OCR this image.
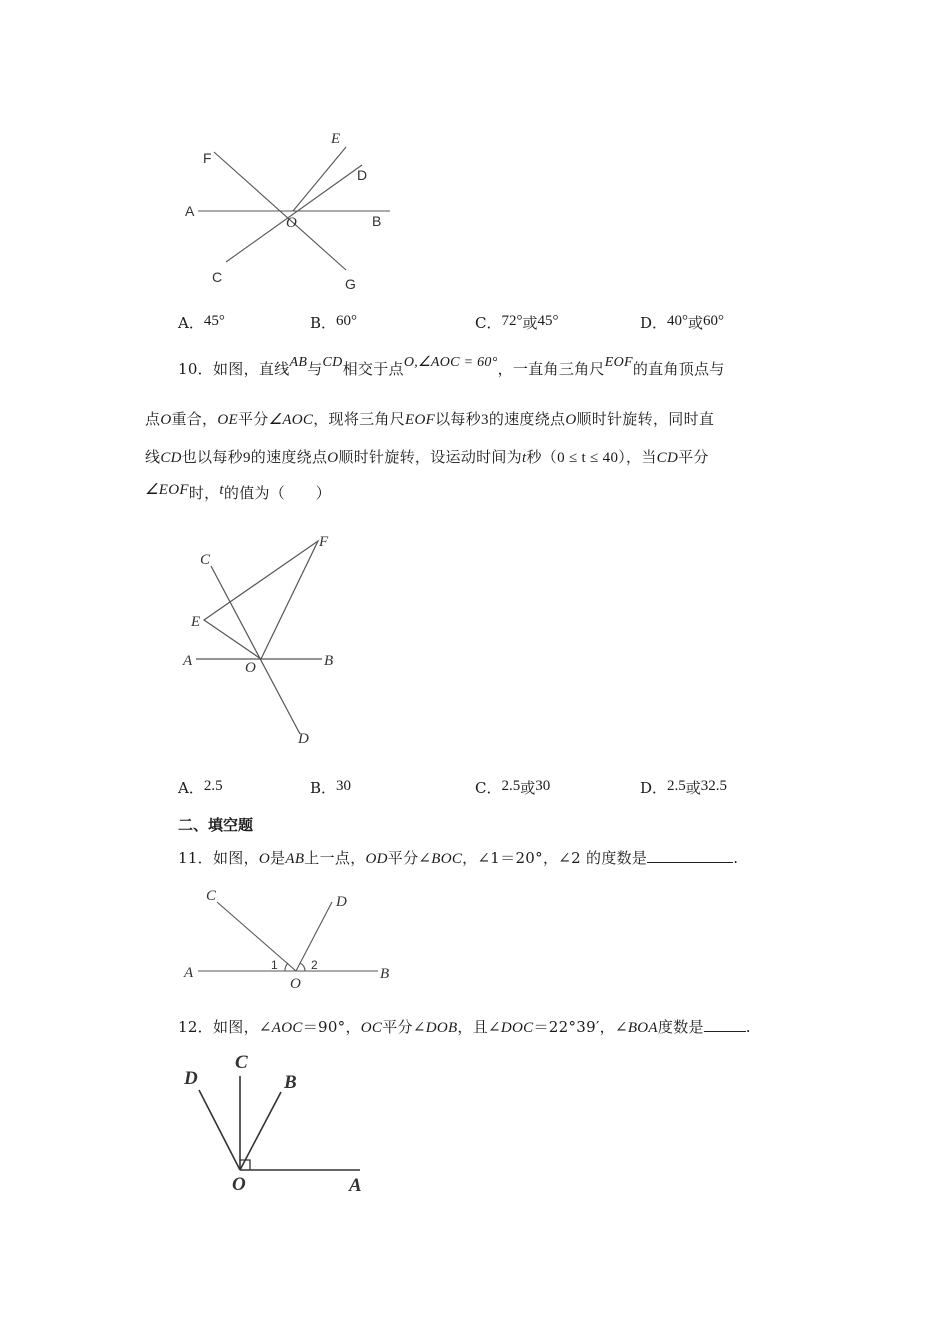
F
E
D
A
O	B
C	G
A．45°	B．60°	C．72°或45°	D．40°或60°
10．如图，直线AB与CD相交于点O,∠AOC = 60°，一直角三角尺EOF的直角顶点与
点O重合，OE平分∠AOC，现将三角尺EOF以每秒3的速度绕点O顺时针旋转，同时直
线CD也以每秒9的速度绕点O顺时针旋转，设运动时间为t秒（0 ≤ t ≤ 40），当CD平分
∠EOF时，t的值为（　　）
C
F
E
A	O	B
D
A．2.5	B．30	C．2.5或30	D．2.5或32.5
二、填空题
11．如图，O是AB上一点，OD平分∠BOC，∠1＝20°，∠2 的度数是	.
C	D
A	1	2
O
B
12．如图，∠AOC＝90°，OC平分∠DOB，且∠DOC＝22°39′，∠BOA度数是	.
D
C
B
O	A
